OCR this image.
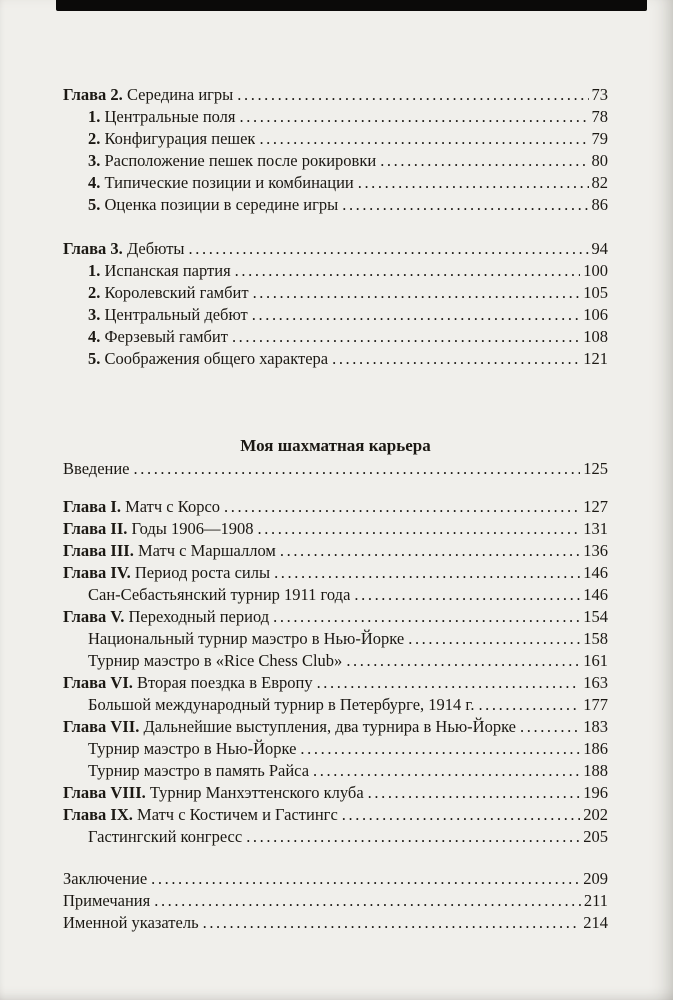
Глава 2. Середина игры .....	73
1. Центральные поля .....	78
2. Конфигурация пешек .....	79
3. Расположение пешек после рокировки .....	80
4. Типические позиции и комбинации .....	82
5. Оценка позиции в середине игры .....	86
Глава 3. Дебюты .....	94
1. Испанская партия .....	100
2. Королевский гамбит .....	105
3. Центральный дебют .....	106
4. Ферзевый гамбит .....	108
5. Соображения общего характера .....	121
Моя шахматная карьера
Введение .....	125
Глава I. Матч с Корсо .....	127
Глава II. Годы 1906—1908 .....	131
Глава III. Матч с Маршаллом .....	136
Глава IV. Период роста силы .....	146
Сан-Себастьянский турнир 1911 года .....	146
Глава V. Переходный период .....	154
Национальный турнир маэстро в Нью-Йорке .....	158
Турнир маэстро в «Rice Chess Club» .....	161
Глава VI. Вторая поездка в Европу .....	163
Большой международный турнир в Петербурге, 1914 г. .....	177
Глава VII. Дальнейшие выступления, два турнира в Нью-Йорке .....	183
Турнир маэстро в Нью-Йорке .....	186
Турнир маэстро в память Райса .....	188
Глава VIII. Турнир Манхэттенского клуба .....	196
Глава IX. Матч с Костичем и Гастингс .....	202
Гастингский конгресс .....	205
Заключение .....	209
Примечания .....	211
Именной указатель .....	214
